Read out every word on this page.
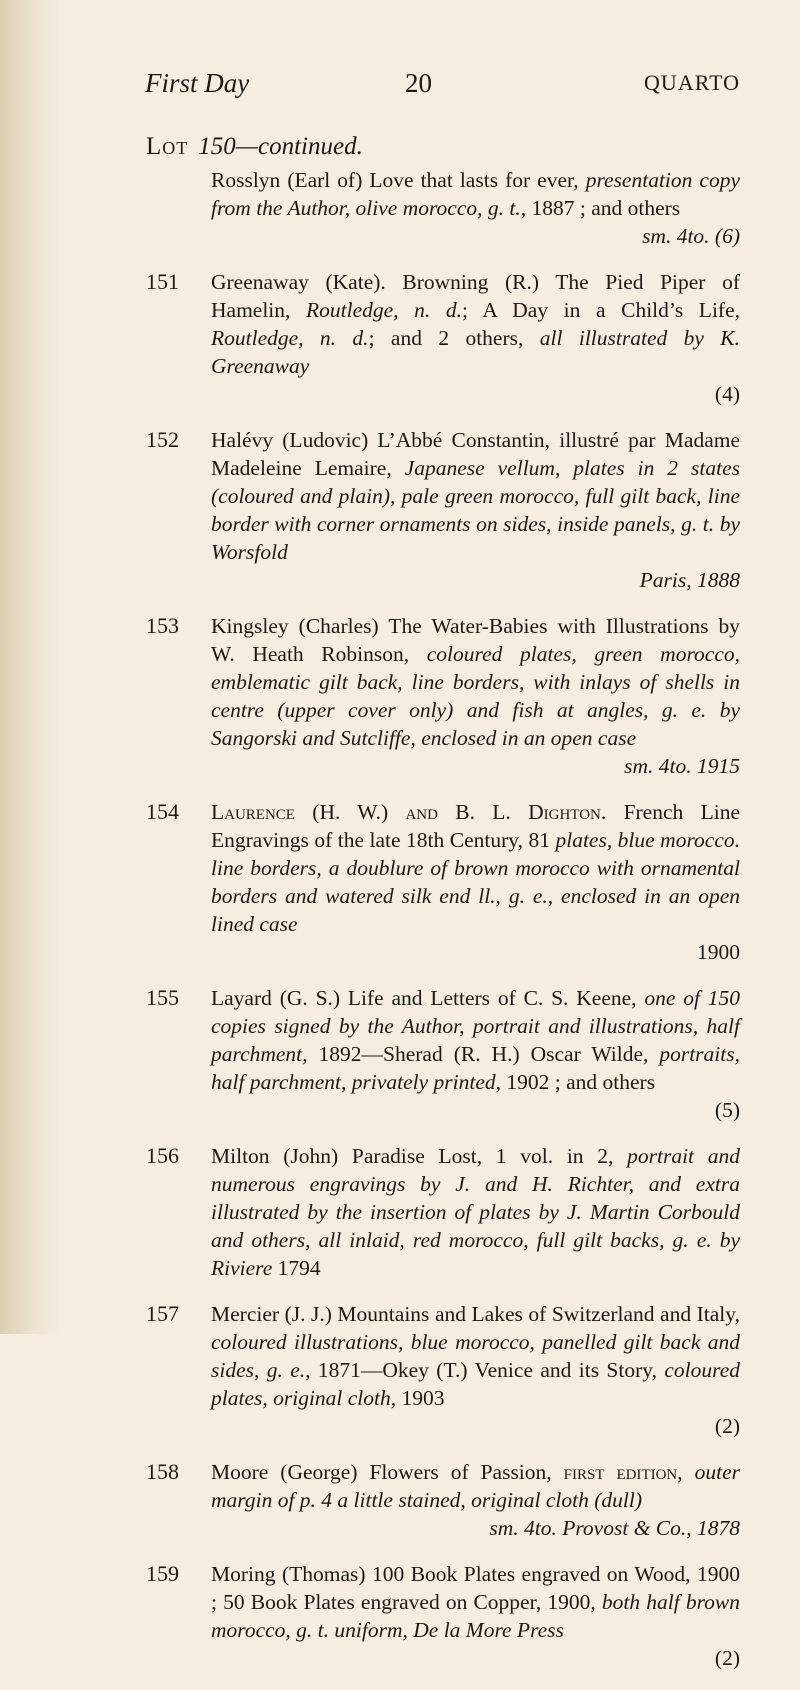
First Day	20	QUARTO
Lot 150—continued.
Rosslyn (Earl of) Love that lasts for ever, presentation copy from the Author, olive morocco, g. t., 1887 ; and others
sm. 4to. (6)
151 Greenaway (Kate). Browning (R.) The Pied Piper of Hamelin, Routledge, n. d.; A Day in a Child’s Life, Routledge, n. d.; and 2 others, all illustrated by K. Greenaway
(4)
152 Halévy (Ludovic) L’Abbé Constantin, illustré par Madame Madeleine Lemaire, Japanese vellum, plates in 2 states (coloured and plain), pale green morocco, full gilt back, line border with corner ornaments on sides, inside panels, g. t. by Worsfold
Paris, 1888
153 Kingsley (Charles) The Water-Babies with Illustrations by W. Heath Robinson, coloured plates, green morocco, emblematic gilt back, line borders, with inlays of shells in centre (upper cover only) and fish at angles, g. e. by Sangorski and Sutcliffe, enclosed in an open case
sm. 4to. 1915
154 Laurence (H. W.) and B. L. Dighton. French Line Engravings of the late 18th Century, 81 plates, blue morocco. line borders, a doublure of brown morocco with ornamental borders and watered silk end ll., g. e., enclosed in an open lined case
1900
155 Layard (G. S.) Life and Letters of C. S. Keene, one of 150 copies signed by the Author, portrait and illustrations, half parchment, 1892—Sherad (R. H.) Oscar Wilde, portraits, half parchment, privately printed, 1902 ; and others
(5)
156 Milton (John) Paradise Lost, 1 vol. in 2, portrait and numerous engravings by J. and H. Richter, and extra illustrated by the insertion of plates by J. Martin Corbould and others, all inlaid, red morocco, full gilt backs, g. e. by Riviere 1794
157 Mercier (J. J.) Mountains and Lakes of Switzerland and Italy, coloured illustrations, blue morocco, panelled gilt back and sides, g. e., 1871—Okey (T.) Venice and its Story, coloured plates, original cloth, 1903
(2)
158 Moore (George) Flowers of Passion, first edition, outer margin of p. 4 a little stained, original cloth (dull)
sm. 4to. Provost & Co., 1878
159 Moring (Thomas) 100 Book Plates engraved on Wood, 1900 ; 50 Book Plates engraved on Copper, 1900, both half brown morocco, g. t. uniform, De la More Press
(2)
